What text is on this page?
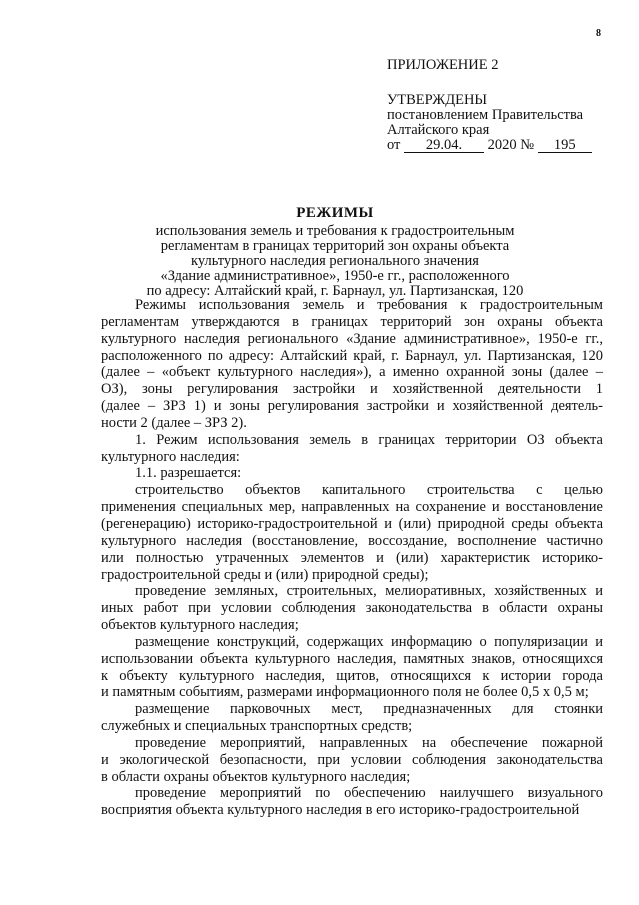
8
ПРИЛОЖЕНИЕ 2
УТВЕРЖДЕНЫ
постановлением Правительства
Алтайского края
от 29.04. 2020 № 195
РЕЖИМЫ
использования земель и требования к градостроительным
регламентам в границах территорий зон охраны объекта
культурного наследия регионального значения
«Здание административное», 1950-е гг., расположенного
по адресу: Алтайский край, г. Барнаул, ул. Партизанская, 120
Режимы использования земель и требования к градостроительным
регламентам утверждаются в границах территорий зон охраны объекта
культурного наследия регионального «Здание административное», 1950-е гг.,
расположенного по адресу: Алтайский край, г. Барнаул, ул. Партизанская, 120
(далее – «объект культурного наследия»), а именно охранной зоны (далее –
ОЗ), зоны регулирования застройки и хозяйственной деятельности 1
(далее – ЗРЗ 1) и зоны регулирования застройки и хозяйственной деятель-
ности 2 (далее – ЗРЗ 2).
1. Режим использования земель в границах территории ОЗ объекта
культурного наследия:
1.1. разрешается:
строительство объектов капитального строительства с целью
применения специальных мер, направленных на сохранение и восстановление
(регенерацию) историко-градостроительной и (или) природной среды объекта
культурного наследия (восстановление, воссоздание, восполнение частично
или полностью утраченных элементов и (или) характеристик историко-
градостроительной среды и (или) природной среды);
проведение земляных, строительных, мелиоративных, хозяйственных и
иных работ при условии соблюдения законодательства в области охраны
объектов культурного наследия;
размещение конструкций, содержащих информацию о популяризации и
использовании объекта культурного наследия, памятных знаков, относящихся
к объекту культурного наследия, щитов, относящихся к истории города
и памятным событиям, размерами информационного поля не более 0,5 х 0,5 м;
размещение парковочных мест, предназначенных для стоянки
служебных и специальных транспортных средств;
проведение мероприятий, направленных на обеспечение пожарной
и экологической безопасности, при условии соблюдения законодательства
в области охраны объектов культурного наследия;
проведение мероприятий по обеспечению наилучшего визуального
восприятия объекта культурного наследия в его историко-градостроительной
